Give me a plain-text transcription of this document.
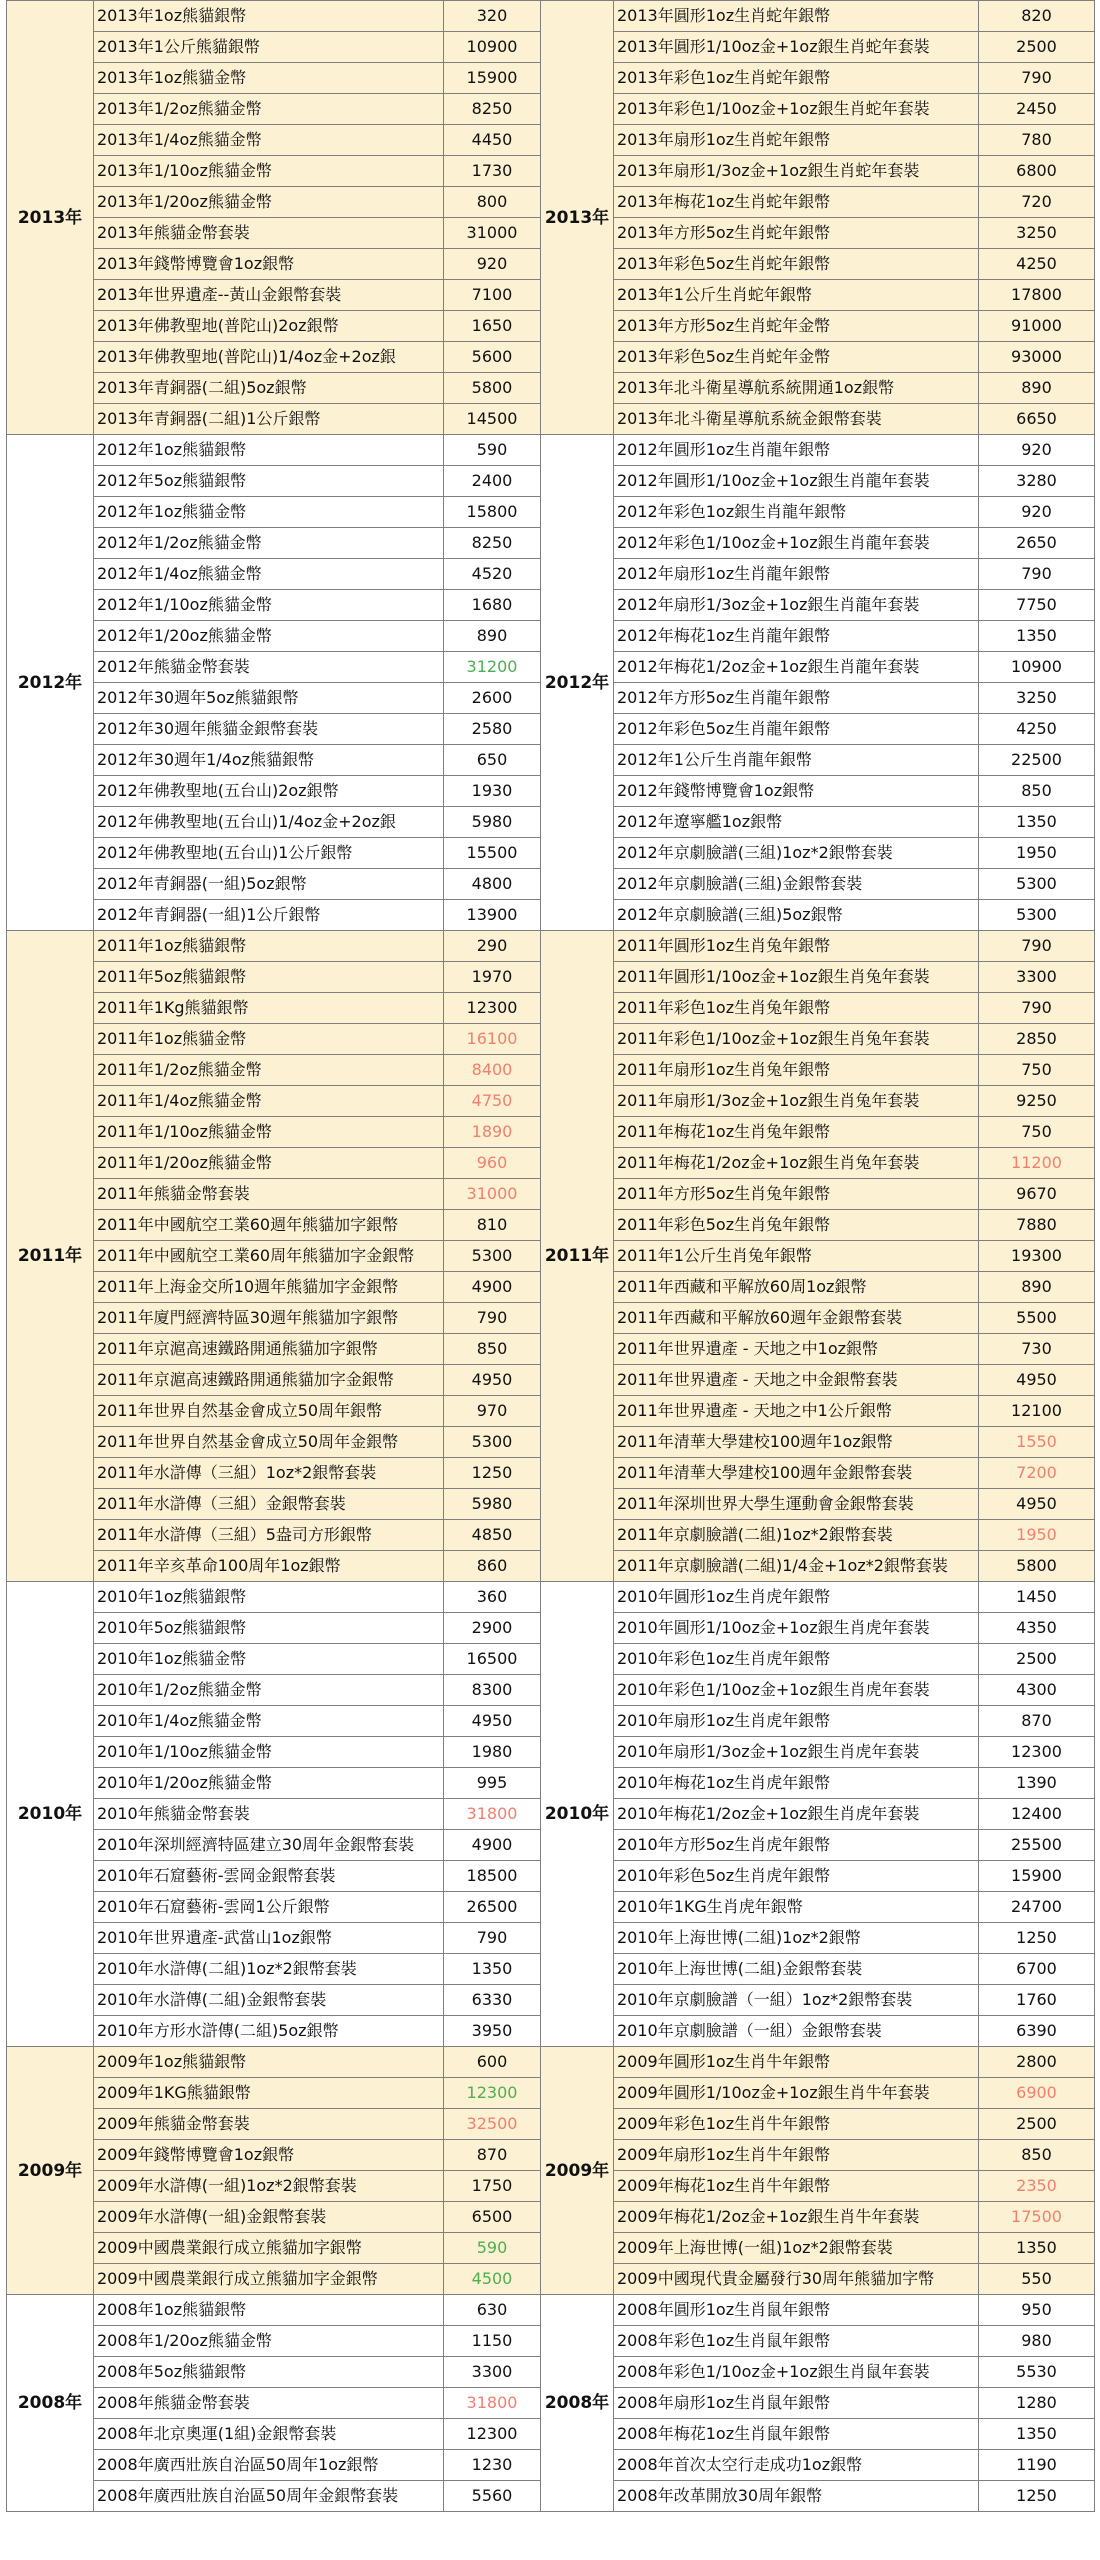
2013年	2013年1oz熊貓銀幣	320	2013年	2013年圓形1oz生肖蛇年銀幣	820
	2013年1公斤熊貓銀幣	10900		2013年圓形1/10oz金+1oz銀生肖蛇年套裝	2500
	2013年1oz熊貓金幣	15900		2013年彩色1oz生肖蛇年銀幣	790
	2013年1/2oz熊貓金幣	8250		2013年彩色1/10oz金+1oz銀生肖蛇年套裝	2450
	2013年1/4oz熊貓金幣	4450		2013年扇形1oz生肖蛇年銀幣	780
	2013年1/10oz熊貓金幣	1730		2013年扇形1/3oz金+1oz銀生肖蛇年套裝	6800
	2013年1/20oz熊貓金幣	800		2013年梅花1oz生肖蛇年銀幣	720
	2013年熊貓金幣套裝	31000		2013年方形5oz生肖蛇年銀幣	3250
	2013年錢幣博覽會1oz銀幣	920		2013年彩色5oz生肖蛇年銀幣	4250
	2013年世界遺產--黃山金銀幣套裝	7100		2013年1公斤生肖蛇年銀幣	17800
	2013年佛教聖地(普陀山)2oz銀幣	1650		2013年方形5oz生肖蛇年金幣	91000
	2013年佛教聖地(普陀山)1/4oz金+2oz銀	5600		2013年彩色5oz生肖蛇年金幣	93000
	2013年青銅器(二組)5oz銀幣	5800		2013年北斗衛星導航系統開通1oz銀幣	890
	2013年青銅器(二組)1公斤銀幣	14500		2013年北斗衛星導航系統金銀幣套裝	6650
2012年	2012年1oz熊貓銀幣	590	2012年	2012年圓形1oz生肖龍年銀幣	920
	2012年5oz熊貓銀幣	2400		2012年圓形1/10oz金+1oz銀生肖龍年套裝	3280
	2012年1oz熊貓金幣	15800		2012年彩色1oz銀生肖龍年銀幣	920
	2012年1/2oz熊貓金幣	8250		2012年彩色1/10oz金+1oz銀生肖龍年套裝	2650
	2012年1/4oz熊貓金幣	4520		2012年扇形1oz生肖龍年銀幣	790
	2012年1/10oz熊貓金幣	1680		2012年扇形1/3oz金+1oz銀生肖龍年套裝	7750
	2012年1/20oz熊貓金幣	890		2012年梅花1oz生肖龍年銀幣	1350
	2012年熊貓金幣套裝	31200		2012年梅花1/2oz金+1oz銀生肖龍年套裝	10900
	2012年30週年5oz熊貓銀幣	2600		2012年方形5oz生肖龍年銀幣	3250
	2012年30週年熊貓金銀幣套裝	2580		2012年彩色5oz生肖龍年銀幣	4250
	2012年30週年1/4oz熊貓銀幣	650		2012年1公斤生肖龍年銀幣	22500
	2012年佛教聖地(五台山)2oz銀幣	1930		2012年錢幣博覽會1oz銀幣	850
	2012年佛教聖地(五台山)1/4oz金+2oz銀	5980		2012年遼寧艦1oz銀幣	1350
	2012年佛教聖地(五台山)1公斤銀幣	15500		2012年京劇臉譜(三組)1oz*2銀幣套裝	1950
	2012年青銅器(一組)5oz銀幣	4800		2012年京劇臉譜(三組)金銀幣套裝	5300
	2012年青銅器(一組)1公斤銀幣	13900		2012年京劇臉譜(三組)5oz銀幣	5300
2011年	2011年1oz熊貓銀幣	290	2011年	2011年圓形1oz生肖兔年銀幣	790
	2011年5oz熊貓銀幣	1970		2011年圓形1/10oz金+1oz銀生肖兔年套裝	3300
	2011年1Kg熊貓銀幣	12300		2011年彩色1oz生肖兔年銀幣	790
	2011年1oz熊貓金幣	16100		2011年彩色1/10oz金+1oz銀生肖兔年套裝	2850
	2011年1/2oz熊貓金幣	8400		2011年扇形1oz生肖兔年銀幣	750
	2011年1/4oz熊貓金幣	4750		2011年扇形1/3oz金+1oz銀生肖兔年套裝	9250
	2011年1/10oz熊貓金幣	1890		2011年梅花1oz生肖兔年銀幣	750
	2011年1/20oz熊貓金幣	960		2011年梅花1/2oz金+1oz銀生肖兔年套裝	11200
	2011年熊貓金幣套裝	31000		2011年方形5oz生肖兔年銀幣	9670
	2011年中國航空工業60週年熊貓加字銀幣	810		2011年彩色5oz生肖兔年銀幣	7880
	2011年中國航空工業60周年熊貓加字金銀幣	5300		2011年1公斤生肖兔年銀幣	19300
	2011年上海金交所10週年熊貓加字金銀幣	4900		2011年西藏和平解放60周1oz銀幣	890
	2011年廈門經濟特區30週年熊貓加字銀幣	790		2011年西藏和平解放60週年金銀幣套裝	5500
	2011年京滬高速鐵路開通熊貓加字銀幣	850		2011年世界遺產 - 天地之中1oz銀幣	730
	2011年京滬高速鐵路開通熊貓加字金銀幣	4950		2011年世界遺產 - 天地之中金銀幣套裝	4950
	2011年世界自然基金會成立50周年銀幣	970		2011年世界遺產 - 天地之中1公斤銀幣	12100
	2011年世界自然基金會成立50周年金銀幣	5300		2011年清華大學建校100週年1oz銀幣	1550
	2011年水滸傳（三組）1oz*2銀幣套裝	1250		2011年清華大學建校100週年金銀幣套裝	7200
	2011年水滸傳（三組）金銀幣套裝	5980		2011年深圳世界大學生運動會金銀幣套裝	4950
	2011年水滸傳（三組）5盎司方形銀幣	4850		2011年京劇臉譜(二組)1oz*2銀幣套裝	1950
	2011年辛亥革命100周年1oz銀幣	860		2011年京劇臉譜(二組)1/4金+1oz*2銀幣套裝	5800
2010年	2010年1oz熊貓銀幣	360	2010年	2010年圓形1oz生肖虎年銀幣	1450
	2010年5oz熊貓銀幣	2900		2010年圓形1/10oz金+1oz銀生肖虎年套裝	4350
	2010年1oz熊貓金幣	16500		2010年彩色1oz生肖虎年銀幣	2500
	2010年1/2oz熊貓金幣	8300		2010年彩色1/10oz金+1oz銀生肖虎年套裝	4300
	2010年1/4oz熊貓金幣	4950		2010年扇形1oz生肖虎年銀幣	870
	2010年1/10oz熊貓金幣	1980		2010年扇形1/3oz金+1oz銀生肖虎年套裝	12300
	2010年1/20oz熊貓金幣	995		2010年梅花1oz生肖虎年銀幣	1390
	2010年熊貓金幣套裝	31800		2010年梅花1/2oz金+1oz銀生肖虎年套裝	12400
	2010年深圳經濟特區建立30周年金銀幣套裝	4900		2010年方形5oz生肖虎年銀幣	25500
	2010年石窟藝術-雲岡金銀幣套裝	18500		2010年彩色5oz生肖虎年銀幣	15900
	2010年石窟藝術-雲岡1公斤銀幣	26500		2010年1KG生肖虎年銀幣	24700
	2010年世界遺產-武當山1oz銀幣	790		2010年上海世博(二組)1oz*2銀幣	1250
	2010年水滸傳(二組)1oz*2銀幣套裝	1350		2010年上海世博(二組)金銀幣套裝	6700
	2010年水滸傳(二組)金銀幣套裝	6330		2010年京劇臉譜（一組）1oz*2銀幣套裝	1760
	2010年方形水滸傳(二組)5oz銀幣	3950		2010年京劇臉譜（一組）金銀幣套裝	6390
2009年	2009年1oz熊貓銀幣	600	2009年	2009年圓形1oz生肖牛年銀幣	2800
	2009年1KG熊貓銀幣	12300		2009年圓形1/10oz金+1oz銀生肖牛年套裝	6900
	2009年熊貓金幣套裝	32500		2009年彩色1oz生肖牛年銀幣	2500
	2009年錢幣博覽會1oz銀幣	870		2009年扇形1oz生肖牛年銀幣	850
	2009年水滸傳(一組)1oz*2銀幣套裝	1750		2009年梅花1oz生肖牛年銀幣	2350
	2009年水滸傳(一組)金銀幣套裝	6500		2009年梅花1/2oz金+1oz銀生肖牛年套裝	17500
	2009中國農業銀行成立熊貓加字銀幣	590		2009年上海世博(一組)1oz*2銀幣套裝	1350
	2009中國農業銀行成立熊貓加字金銀幣	4500		2009中國現代貴金屬發行30周年熊貓加字幣	550
2008年	2008年1oz熊貓銀幣	630	2008年	2008年圓形1oz生肖鼠年銀幣	950
	2008年1/20oz熊貓金幣	1150		2008年彩色1oz生肖鼠年銀幣	980
	2008年5oz熊貓銀幣	3300		2008年彩色1/10oz金+1oz銀生肖鼠年套裝	5530
	2008年熊貓金幣套裝	31800		2008年扇形1oz生肖鼠年銀幣	1280
	2008年北京奧運(1組)金銀幣套裝	12300		2008年梅花1oz生肖鼠年銀幣	1350
	2008年廣西壯族自治區50周年1oz銀幣	1230		2008年首次太空行走成功1oz銀幣	1190
	2008年廣西壯族自治區50周年金銀幣套裝	5560		2008年改革開放30周年銀幣	1250
